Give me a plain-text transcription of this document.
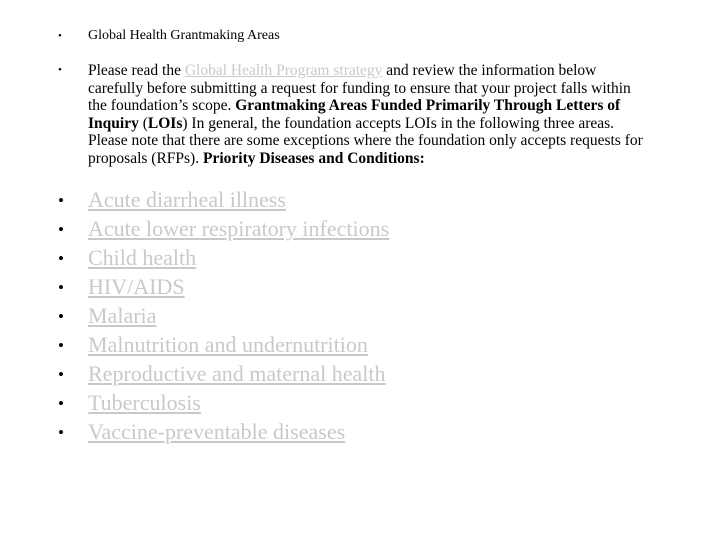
• Global Health Grantmaking Areas
• Please read the Global Health Program strategy and review the information below carefully before submitting a request for funding to ensure that your project falls within the foundation’s scope. Grantmaking Areas Funded Primarily Through Letters of Inquiry (LOIs) In general, the foundation accepts LOIs in the following three areas. Please note that there are some exceptions where the foundation only accepts requests for proposals (RFPs). Priority Diseases and Conditions:
• Acute diarrheal illness
• Acute lower respiratory infections
• Child health
• HIV/AIDS
• Malaria
• Malnutrition and undernutrition
• Reproductive and maternal health
• Tuberculosis
• Vaccine-preventable diseases
